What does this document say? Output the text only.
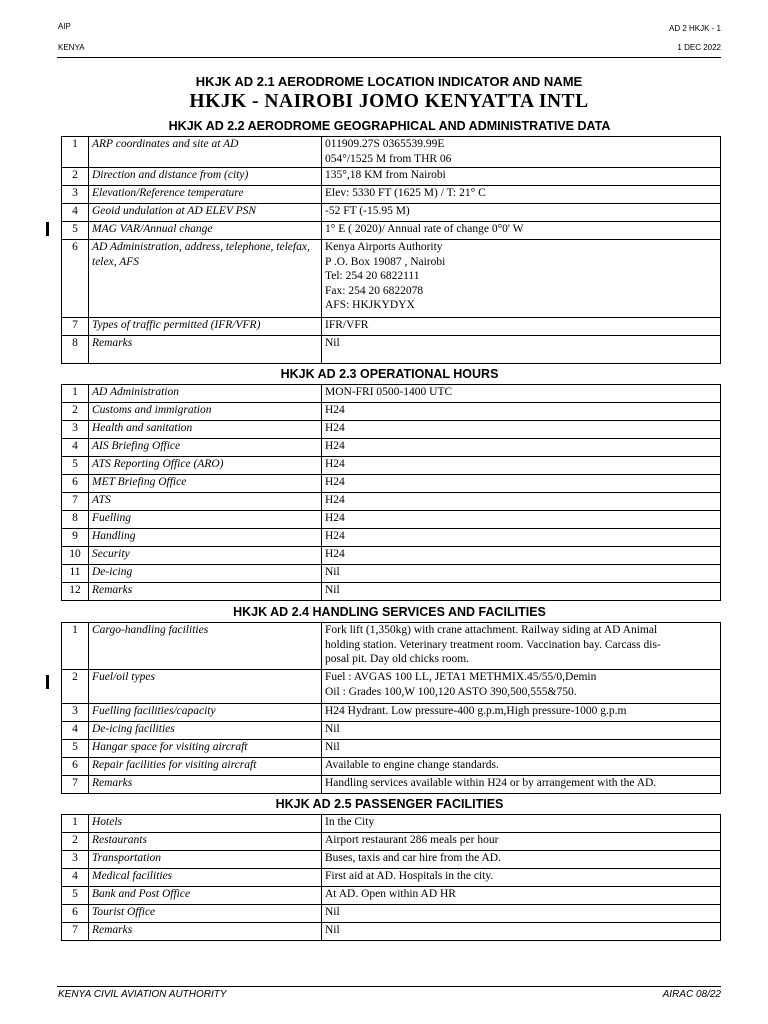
AIP
KENYA
AD 2 HKJK - 1
1 DEC 2022
HKJK AD 2.1 AERODROME LOCATION INDICATOR AND NAME
HKJK - NAIROBI JOMO KENYATTA INTL
HKJK AD 2.2 AERODROME GEOGRAPHICAL AND ADMINISTRATIVE DATA
1	ARP coordinates and site at AD	011909.27S 0365539.99E
054°/1525 M from THR 06

2	Direction and distance from (city)	135°,18 KM from Nairobi

3	Elevation/Reference temperature	Elev: 5330 FT (1625 M) / T: 21° C

4	Geoid undulation at AD ELEV PSN	-52 FT (-15.95 M)

5	MAG VAR/Annual change	1° E ( 2020)/ Annual rate of change 0°0' W

6	AD Administration, address, telephone, telefax, telex, AFS	Kenya Airports Authority
P .O. Box 19087 , Nairobi
Tel: 254 20 6822111
Fax: 254 20 6822078
AFS: HKJKYDYX

7	Types of traffic permitted (IFR/VFR)	IFR/VFR

8	Remarks	Nil
HKJK AD 2.3 OPERATIONAL HOURS
1	AD Administration	MON-FRI 0500-1400 UTC

2	Customs and immigration	H24

3	Health and sanitation	H24

4	AIS Briefing Office	H24

5	ATS Reporting Office (ARO)	H24

6	MET Briefing Office	H24

7	ATS	H24

8	Fuelling	H24

9	Handling	H24

10	Security	H24

11	De-icing	Nil

12	Remarks	Nil
HKJK AD 2.4 HANDLING SERVICES AND FACILITIES
1	Cargo-handling facilities	Fork lift (1,350kg) with crane attachment. Railway siding at AD Animal
holding station. Veterinary treatment room. Vaccination bay. Carcass dis-
posal pit. Day old chicks room.

2	Fuel/oil types	Fuel : AVGAS 100 LL, JETA1 METHMIX.45/55/0,Demin
Oil : Grades 100,W 100,120 ASTO 390,500,555&750.

3	Fuelling facilities/capacity	H24 Hydrant. Low pressure-400 g.p.m,High pressure-1000 g.p.m

4	De-icing facilities	Nil

5	Hangar space for visiting aircraft	Nil

6	Repair facilities for visiting aircraft	Available to engine change standards.

7	Remarks	Handling services available within H24 or by arrangement with the AD.
HKJK AD 2.5 PASSENGER FACILITIES
1	Hotels	In the City

2	Restaurants	Airport restaurant 286 meals per hour

3	Transportation	Buses, taxis and car hire from the AD.

4	Medical facilities	First aid at AD. Hospitals in the city.

5	Bank and Post Office	At AD. Open within AD HR

6	Tourist Office	Nil

7	Remarks	Nil
KENYA CIVIL AVIATION AUTHORITY	AIRAC 08/22
